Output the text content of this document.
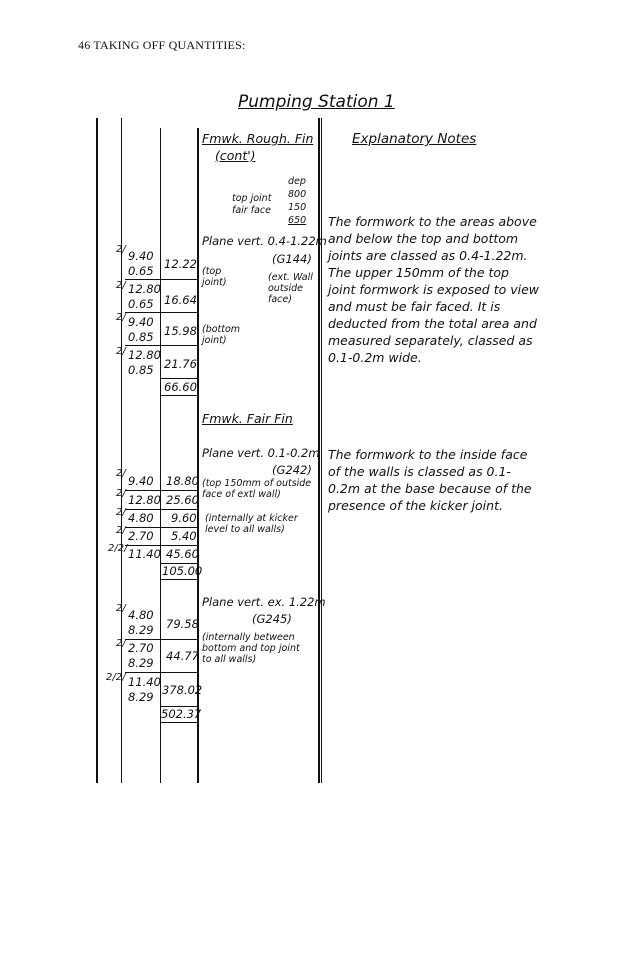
46 TAKING OFF QUANTITIES:
Pumping Station 1
Fmwk. Rough. Fin
(cont')
Explanatory Notes
dep
top joint
fair face
800
150
650
Plane vert. 0.4-1.22m
(G144)
(top joint)	(ext. Wall outside face)
(bottom joint)
2/ 9.40
0.65 12.22
2/ 12.80
0.65 16.64
2/ 9.40
0.85 15.98
2/ 12.80
0.85 21.76
66.60
The formwork to the areas above and below the top and bottom joints are classed as 0.4-1.22m. The upper 150mm of the top joint formwork is exposed to view and must be fair faced. It is deducted from the total area and measured separately, classed as 0.1-0.2m wide.
Fmwk. Fair Fin
Plane vert. 0.1-0.2m
(G242)
(top 150mm of outside face of extl wall)
(internally at kicker level to all walls)
2/
9.40 18.80
2/ 12.80 25.60
2/ 4.80 9.60
2/ 2.70 5.40
2/2/ 11.40 45.60
105.00
The formwork to the inside face of the walls is classed as 0.1-0.2m at the base because of the presence of the kicker joint.
Plane vert. ex. 1.22m
(G245)
(internally between bottom and top joint to all walls)
2/ 4.80
8.29 79.58
2/ 2.70
8.29 44.77
2/2/ 11.40
8.29 378.02
502.37
